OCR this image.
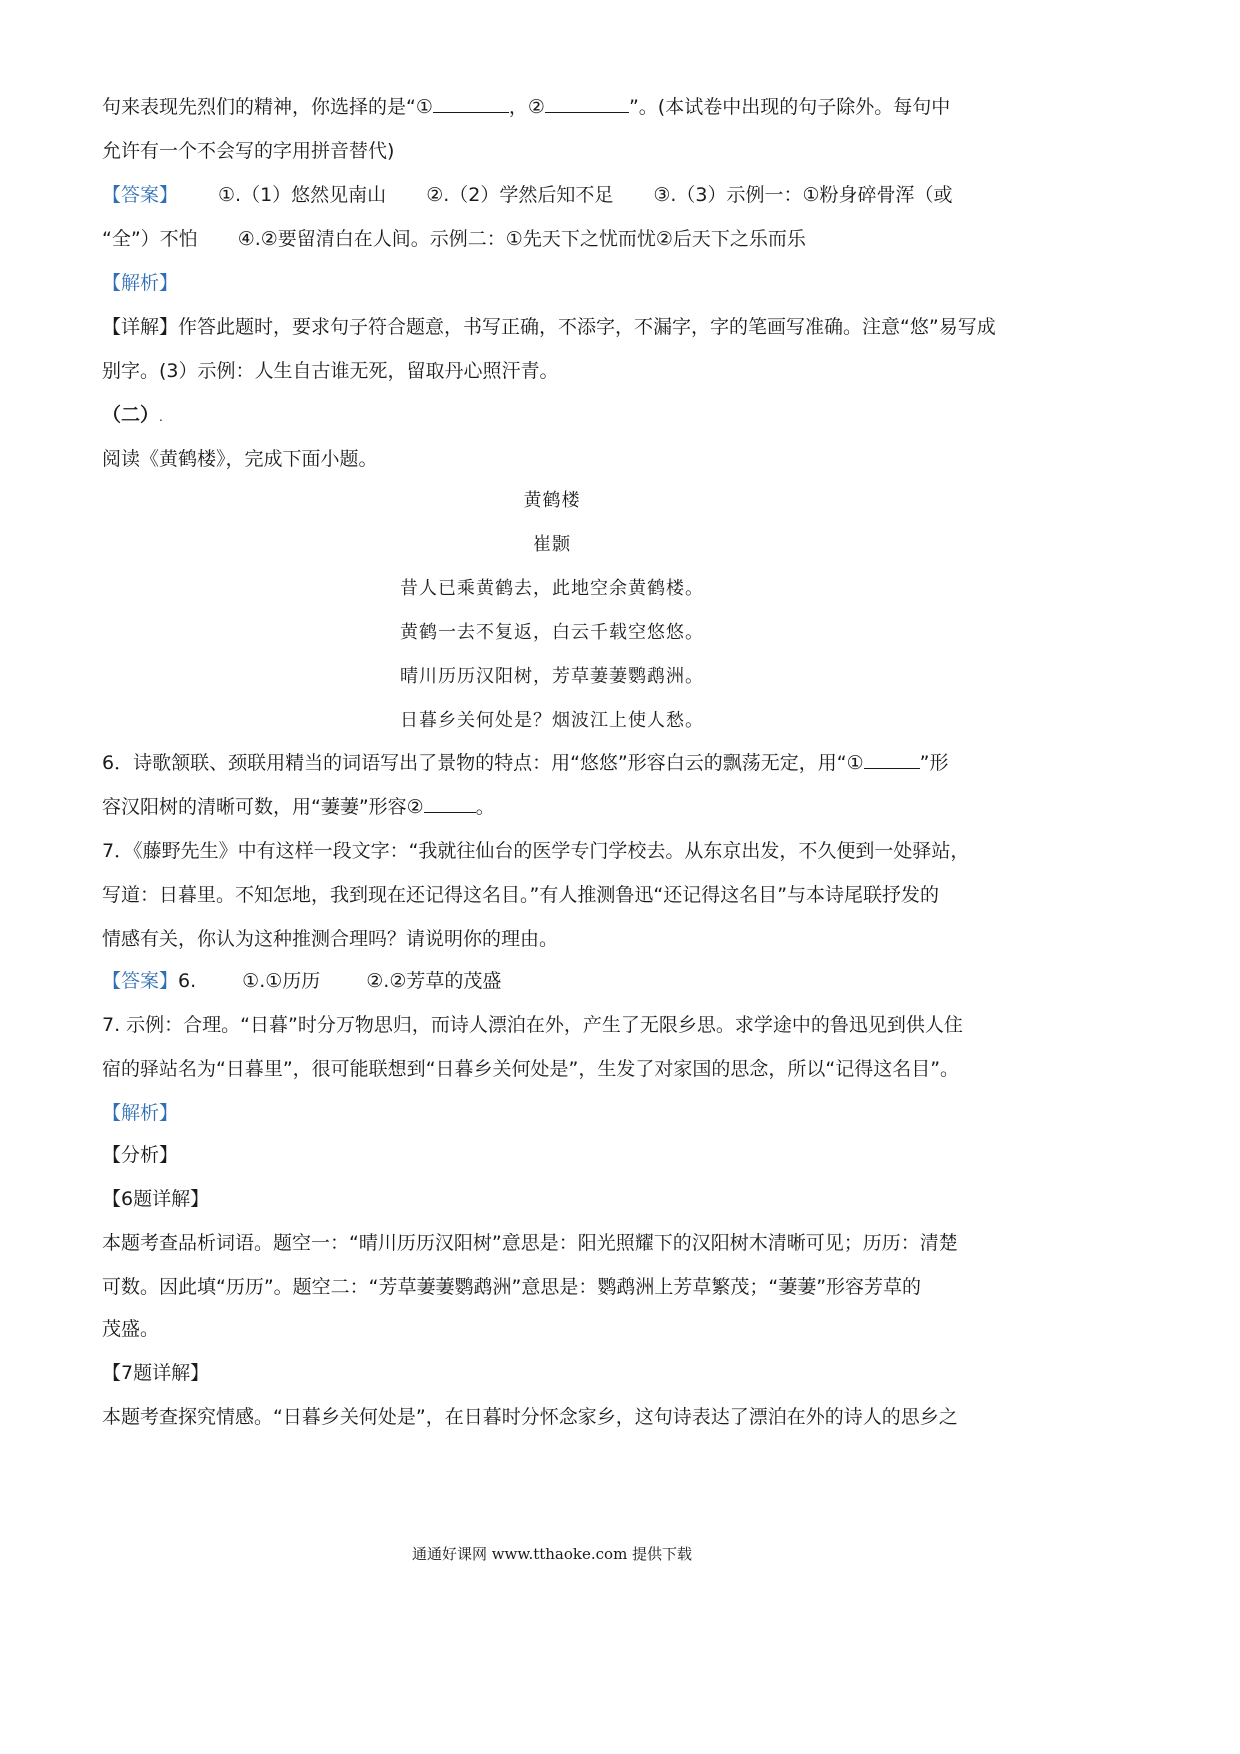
句来表现先烈们的精神，你选择的是“①	，②	”。(本试卷中出现的句子除外。每句中
允许有一个不会写的字用拼音替代)
【答案】 ①.（1）悠然见南山 ②.（2）学然后知不足 ③.（3）示例一：①粉身碎骨浑（或
“全”）不怕 ④.②要留清白在人间。示例二：①先天下之忧而忧②后天下之乐而乐
【解析】
【详解】作答此题时，要求句子符合题意，书写正确，不添字，不漏字，字的笔画写准确。注意“悠”易写成
别字。(3）示例：人生自古谁无死，留取丹心照汗青。
（二）.
阅读《黄鹤楼》，完成下面小题。
黄鹤楼
崔颢
昔人已乘黄鹤去，此地空余黄鹤楼。
黄鹤一去不复返，白云千载空悠悠。
晴川历历汉阳树，芳草萋萋鹦鹉洲。
日暮乡关何处是？烟波江上使人愁。
6．诗歌颔联、颈联用精当的词语写出了景物的特点：用“悠悠”形容白云的飘荡无定，用“①	”形
容汉阳树的清晰可数，用“萋萋”形容②	。
7．《藤野先生》中有这样一段文字：“我就往仙台的医学专门学校去。从东京出发，不久便到一处驿站，
写道：日暮里。不知怎地，我到现在还记得这名目。”有人推测鲁迅“还记得这名目”与本诗尾联抒发的
情感有关，你认为这种推测合理吗？请说明你的理由。
【答案】6. ①.①历历 ②.②芳草的茂盛
7. 示例：合理。“日暮”时分万物思归，而诗人漂泊在外，产生了无限乡思。求学途中的鲁迅见到供人住
宿的驿站名为“日暮里”，很可能联想到“日暮乡关何处是”，生发了对家国的思念，所以“记得这名目”。
【解析】
【分析】
【6题详解】
本题考查品析词语。题空一：“晴川历历汉阳树”意思是：阳光照耀下的汉阳树木清晰可见；历历：清楚
可数。因此填“历历”。题空二：“芳草萋萋鹦鹉洲”意思是：鹦鹉洲上芳草繁茂；“萋萋”形容芳草的
茂盛。
【7题详解】
本题考查探究情感。“日暮乡关何处是”，在日暮时分怀念家乡，这句诗表达了漂泊在外的诗人的思乡之
通通好课网 www.tthaoke.com 提供下载
